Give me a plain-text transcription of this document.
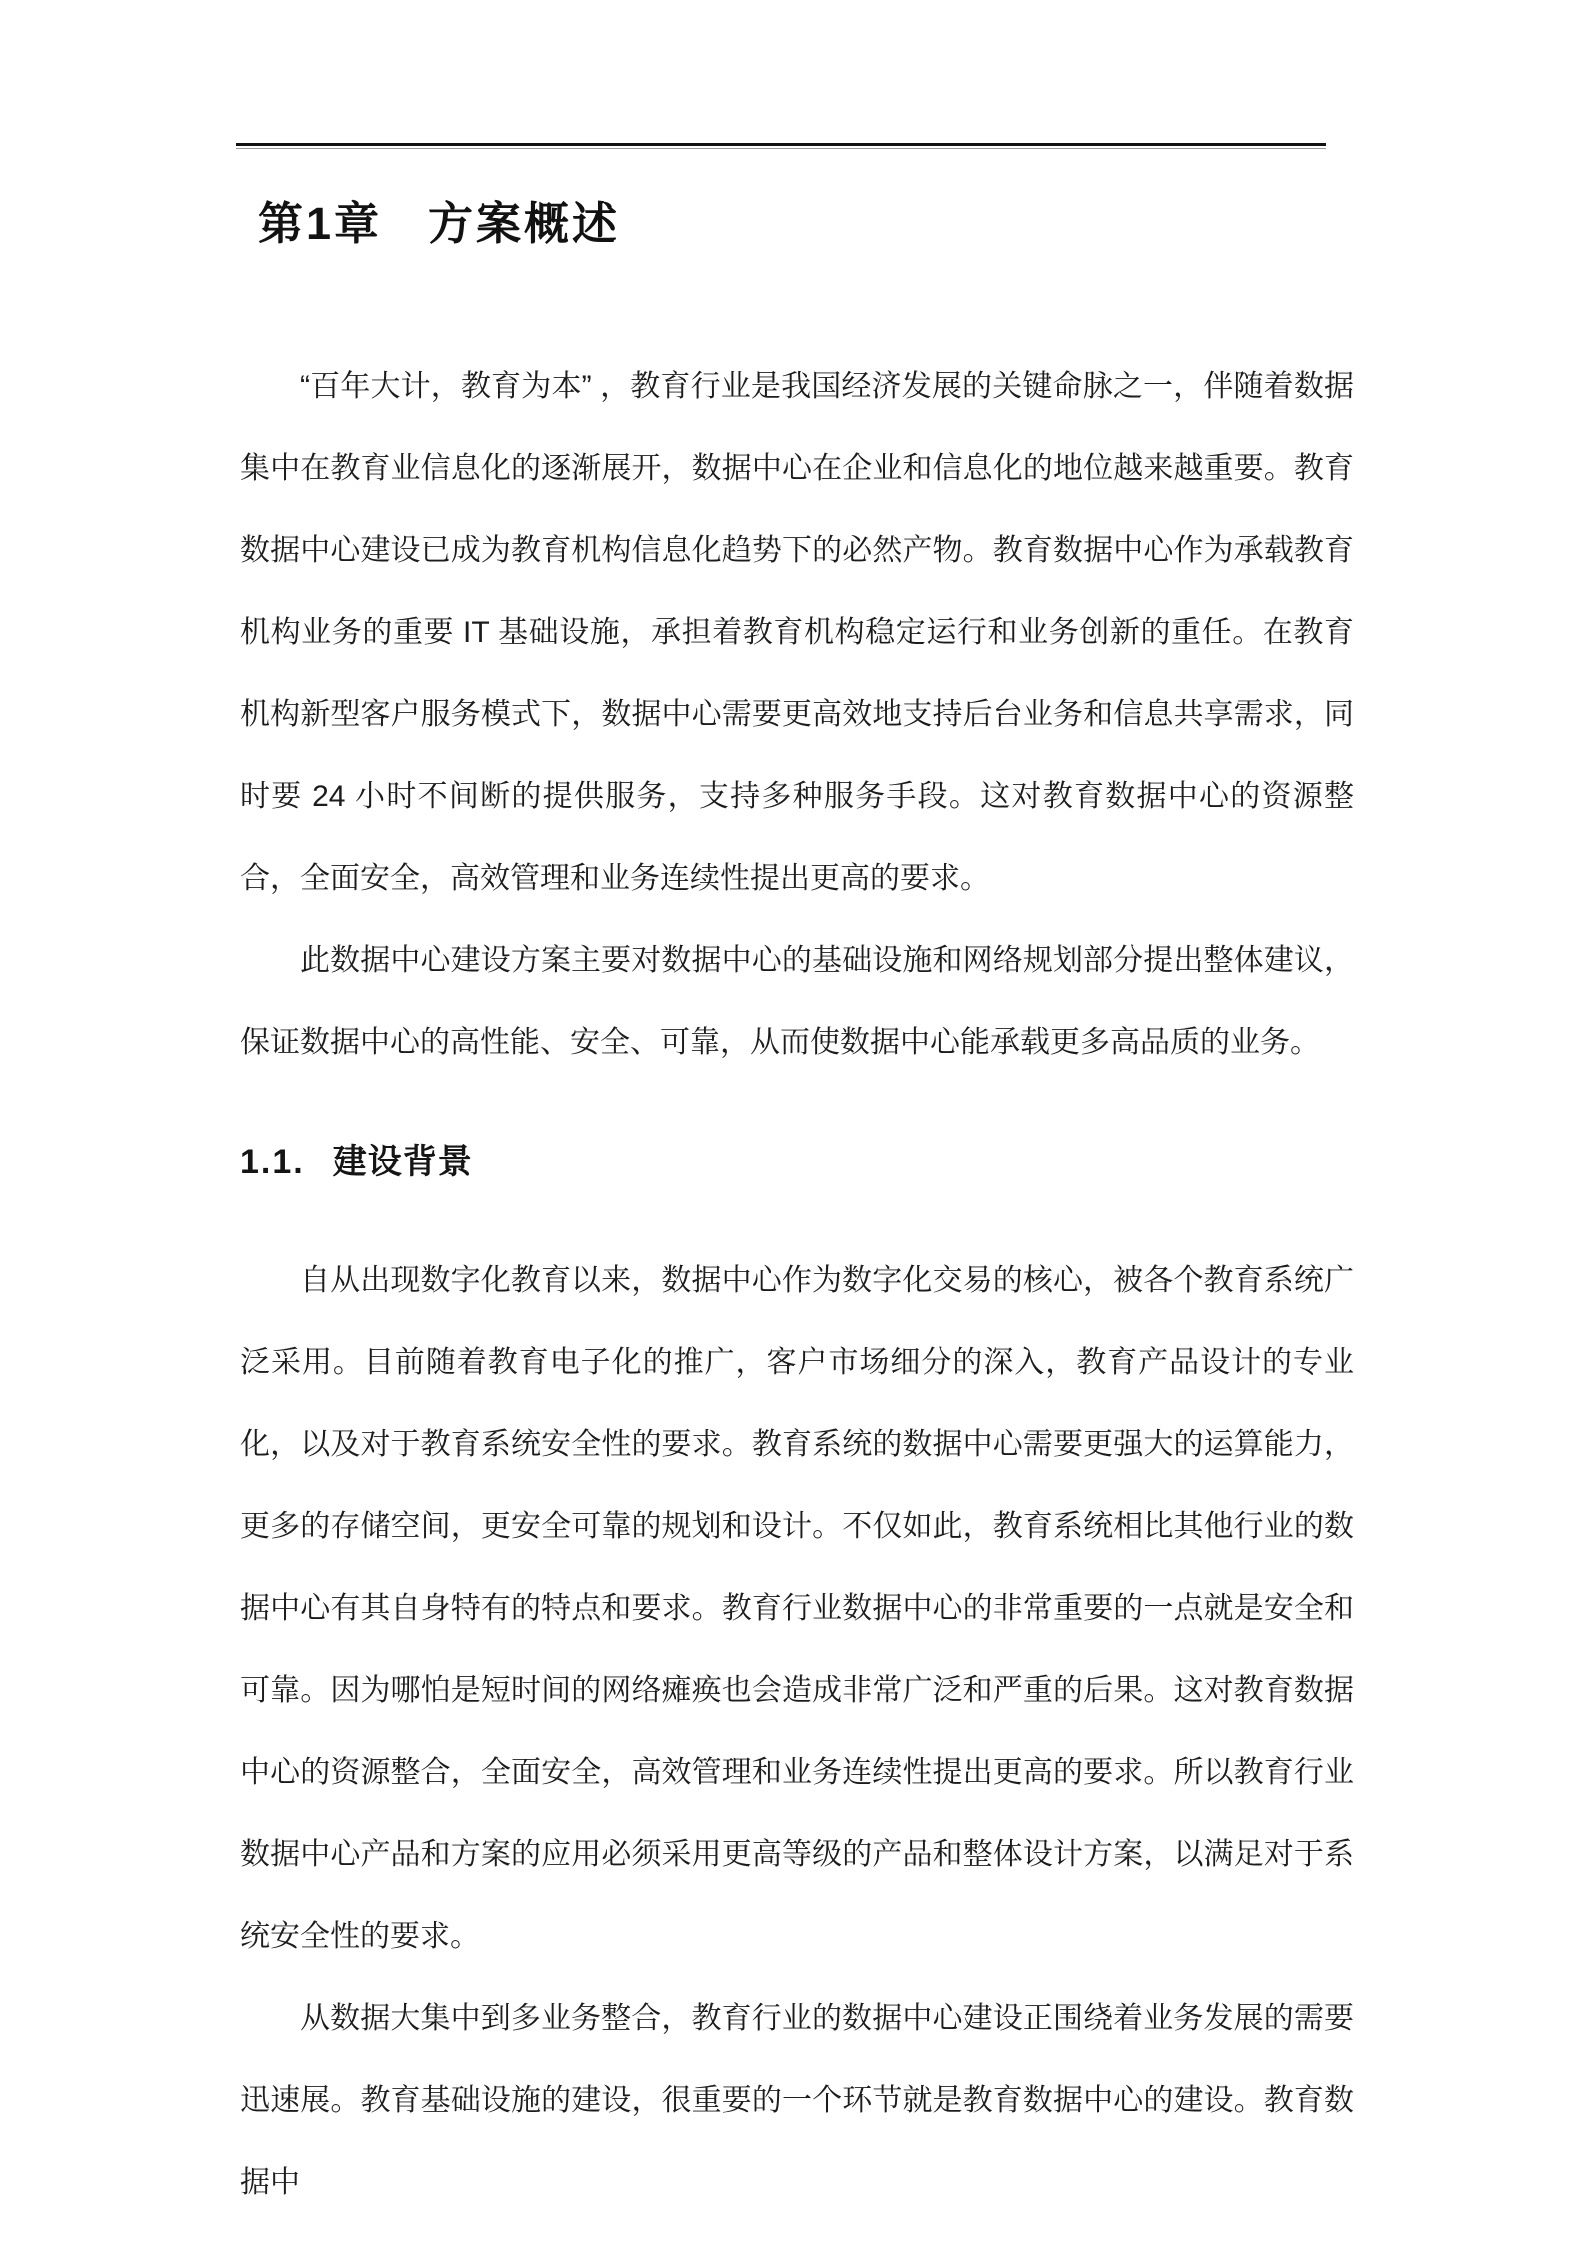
第1章 方案概述

“百年大计，教育为本” ，教育行业是我国经济发展的关键命脉之一，伴随着数据集中在教育业信息化的逐渐展开，数据中心在企业和信息化的地位越来越重要。教育数据中心建设已成为教育机构信息化趋势下的必然产物。教育数据中心作为承载教育机构业务的重要 IT 基础设施，承担着教育机构稳定运行和业务创新的重任。在教育机构新型客户服务模式下，数据中心需要更高效地支持后台业务和信息共享需求，同时要 24 小时不间断的提供服务，支持多种服务手段。这对教育数据中心的资源整合，全面安全，高效管理和业务连续性提出更高的要求。

此数据中心建设方案主要对数据中心的基础设施和网络规划部分提出整体建议，保证数据中心的高性能、安全、可靠，从而使数据中心能承载更多高品质的业务。

1.1. 建设背景

自从出现数字化教育以来，数据中心作为数字化交易的核心，被各个教育系统广泛采用。目前随着教育电子化的推广，客户市场细分的深入，教育产品设计的专业化，以及对于教育系统安全性的要求。教育系统的数据中心需要更强大的运算能力，更多的存储空间，更安全可靠的规划和设计。不仅如此，教育系统相比其他行业的数据中心有其自身特有的特点和要求。教育行业数据中心的非常重要的一点就是安全和可靠。因为哪怕是短时间的网络瘫痪也会造成非常广泛和严重的后果。这对教育数据中心的资源整合，全面安全，高效管理和业务连续性提出更高的要求。所以教育行业数据中心产品和方案的应用必须采用更高等级的产品和整体设计方案，以满足对于系统安全性的要求。

从数据大集中到多业务整合，教育行业的数据中心建设正围绕着业务发展的需要迅速展。教育基础设施的建设，很重要的一个环节就是教育数据中心的建设。教育数据中
